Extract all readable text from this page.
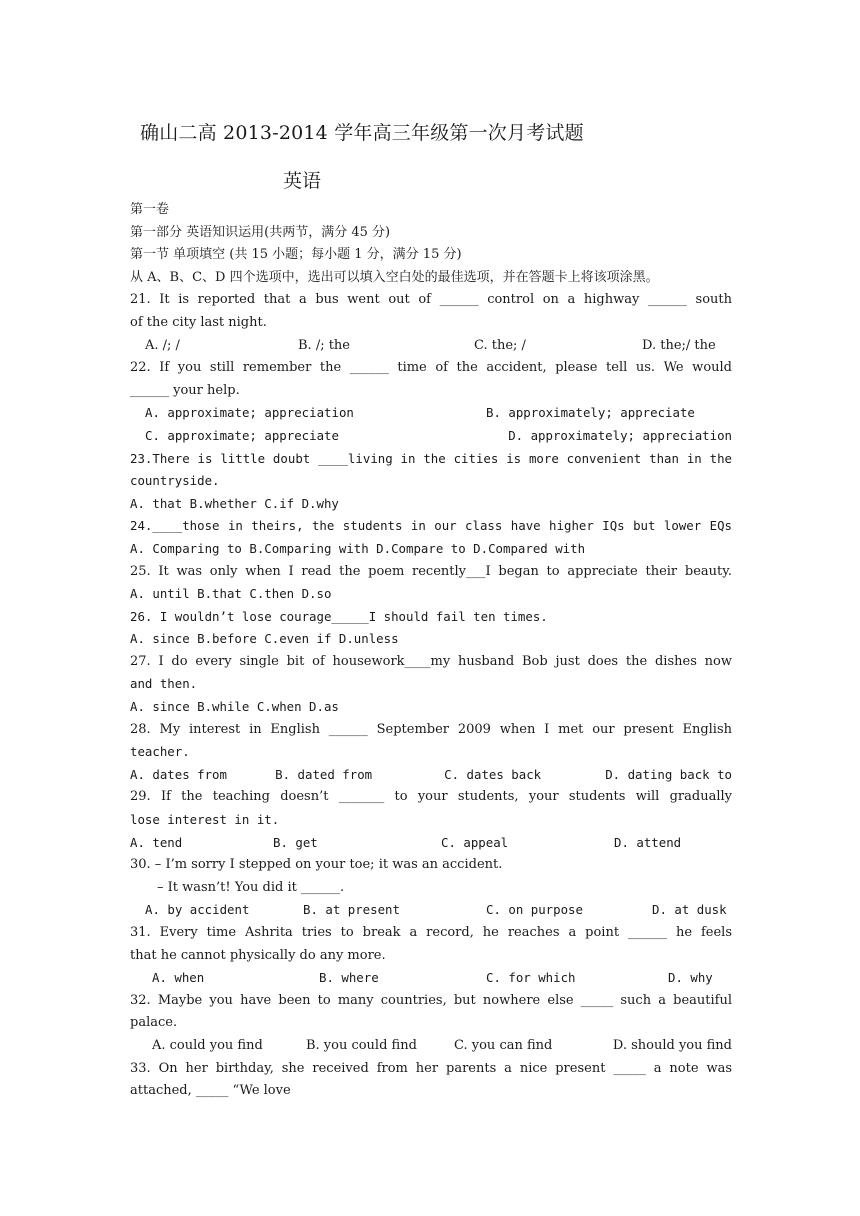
确山二高 2013-2014 学年高三年级第一次月考试题
英语
第一卷
第一部分 英语知识运用(共两节，满分 45 分)
第一节 单项填空 (共 15 小题；每小题 1 分，满分 15 分)
从 A、B、C、D 四个选项中，选出可以填入空白处的最佳选项，并在答题卡上将该项涂黑。
21. It is reported that a bus went out of ______ control on a highway ______ south
of the city last night.
A. /; /	B. /; the	C. the; /	D. the;/ the
22. If you still remember the ______ time of the accident, please tell us. We would
______ your help.
A. approximate; appreciation	B. approximately; appreciate
C. approximate; appreciate	D. approximately; appreciation
23.There is little doubt ____living in the cities is more convenient than in the
countryside.
A. that B.whether C.if D.why
24.____those in theirs, the students in our class have higher IQs but lower EQs
A. Comparing to B.Comparing with D.Compare to D.Compared with
25. It was only when I read the poem recently___I began to appreciate their beauty.
A. until B.that C.then D.so
26. I wouldn’t lose courage_____I should fail ten times.
A. since B.before C.even if D.unless
27. I do every single bit of housework____my husband Bob just does the dishes now
and then.
A. since B.while C.when D.as
28. My interest in English ______ September 2009 when I met our present English
teacher.
A. dates from	B. dated from	C. dates back	D. dating back to
29. If the teaching doesn’t _______ to your students, your students will gradually
lose interest in it.
A. tend	B. get	C. appeal	D. attend
30. – I’m sorry I stepped on your toe; it was an accident.
– It wasn’t! You did it ______.
A. by accident	B. at present	C. on purpose	D. at dusk
31. Every time Ashrita tries to break a record, he reaches a point ______ he feels
that he cannot physically do any more.
A. when	B. where	C. for which	D. why
32. Maybe you have been to many countries, but nowhere else _____ such a beautiful
palace.
A. could you find	B. you could find	C. you can find	D. should you find
33. On her birthday, she received from her parents a nice present _____ a note was
attached, _____ “We love
